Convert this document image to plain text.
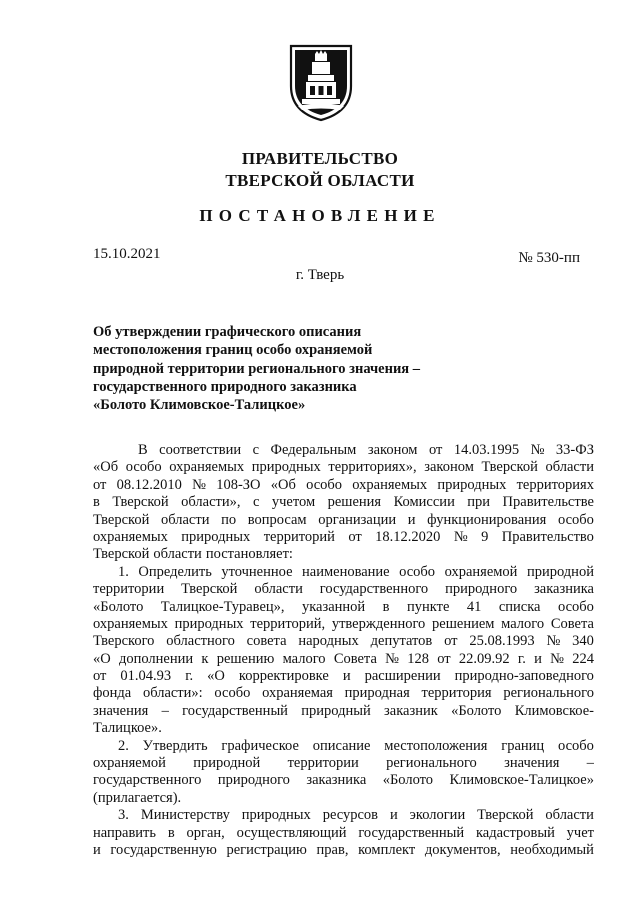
ПРАВИТЕЛЬСТВО
ТВЕРСКОЙ ОБЛАСТИ
ПОСТАНОВЛЕНИЕ
15.10.2021	№ 530-пп
г. Тверь
Об утверждении графического описания
местоположения границ особо охраняемой
природной территории регионального значения –
государственного природного заказника
«Болото Климовское-Талицкое»
В соответствии с Федеральным законом от 14.03.1995 № 33-ФЗ
«Об особо охраняемых природных территориях», законом Тверской области
от 08.12.2010 № 108-ЗО «Об особо охраняемых природных территориях
в Тверской области», с учетом решения Комиссии при Правительстве
Тверской области по вопросам организации и функционирования особо
охраняемых природных территорий от 18.12.2020 № 9 Правительство
Тверской области постановляет:
1. Определить уточненное наименование особо охраняемой природной
территории Тверской области государственного природного заказника
«Болото Талицкое-Туравец», указанной в пункте 41 списка особо
охраняемых природных территорий, утвержденного решением малого Совета
Тверского областного совета народных депутатов от 25.08.1993 № 340
«О дополнении к решению малого Совета № 128 от 22.09.92 г. и № 224
от 01.04.93 г. «О корректировке и расширении природно-заповедного
фонда области»: особо охраняемая природная территория регионального
значения – государственный природный заказник «Болото Климовское-
Талицкое».
2. Утвердить графическое описание местоположения границ особо
охраняемой природной территории регионального значения –
государственного природного заказника «Болото Климовское-Талицкое»
(прилагается).
3. Министерству природных ресурсов и экологии Тверской области
направить в орган, осуществляющий государственный кадастровый учет
и государственную регистрацию прав, комплект документов, необходимый
